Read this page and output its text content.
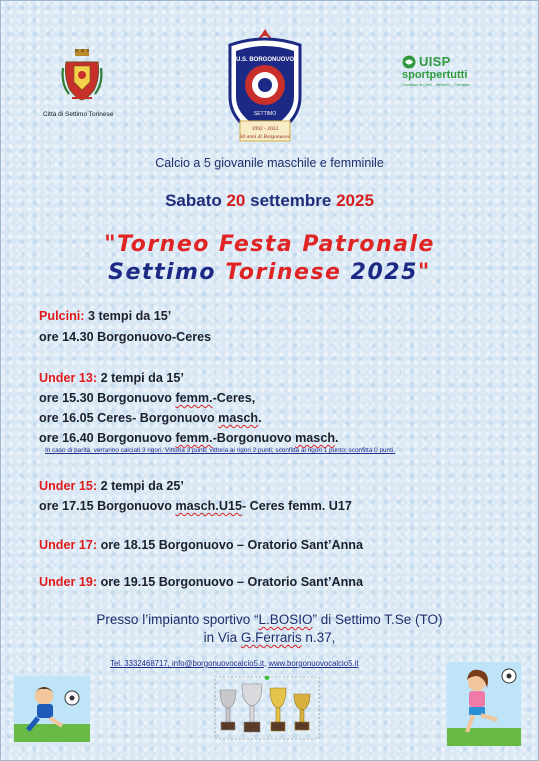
Città di Settimo Torinese
U.S. BORGONUOVO
SETTIMO
1992 - 2022
30 anni di Borgonuovo
UISP
sportpertutti
Comitato di Ciriè – Settimo – Chivasso
Calcio a 5 giovanile maschile e femminile
Sabato 20 settembre 2025
"Torneo Festa Patronale
Settimo Torinese 2025"
Pulcini: 3 tempi da 15’
ore 14.30 Borgonuovo-Ceres
Under 13: 2 tempi da 15’
ore 15.30 Borgonuovo femm.-Ceres,
ore 16.05 Ceres- Borgonuovo masch.
ore 16.40 Borgonuovo femm.-Borgonuovo masch.
In caso di parità, verranno calciati 3 rigori. Vittoria 3 punti; vittoria ai rigori 2 punti; sconfitta ai rigori 1 punto; sconfitta 0 punti.
Under 15: 2 tempi da 25’
ore 17.15 Borgonuovo masch.U15- Ceres femm. U17
Under 17: ore 18.15 Borgonuovo – Oratorio Sant’Anna
Under 19: ore 19.15 Borgonuovo – Oratorio Sant’Anna
Presso l’impianto sportivo “L.BOSIO” di Settimo T.Se (TO)
in Via G.Ferraris n.37,
Tel. 3332468717, info@borgonuovocalcio5.it, www.borgonuovocalcio5.it
